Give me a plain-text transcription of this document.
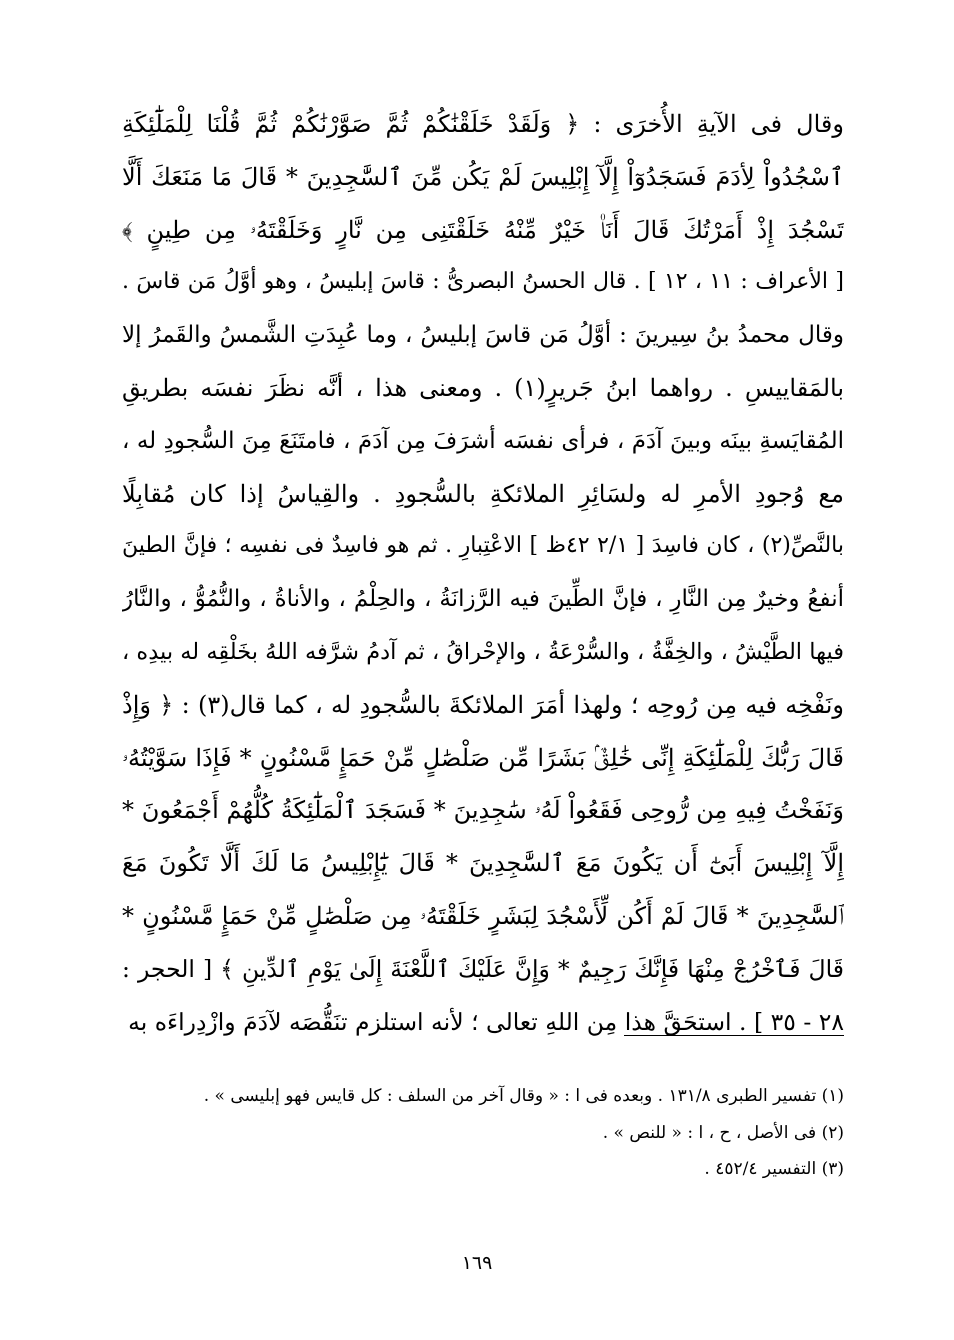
وقال فى الآيةِ الأُخرَى : ﴿ وَلَقَدْ خَلَقْنَٰكُمْ ثُمَّ صَوَّرْنَٰكُمْ ثُمَّ قُلْنَا لِلْمَلَٰٓئِكَةِ
ٱسْجُدُواْ لِأدَمَ فَسَجَدُوٓاْ إِلَّآ إِبْلِيسَ لَمْ يَكُن مِّنَ ٱلسَّٰجِدِينَ * قَالَ مَا مَنَعَكَ أَلَّا
تَسْجُدَ إِذْ أَمَرْتُكَ قَالَ أَنَا۠ خَيْرٌ مِّنْهُ خَلَقْتَنِى مِن نَّارٍ وَخَلَقْتَهُۥ مِن طِينٍ ﴾
[ الأعراف : ١١ ، ١٢ ] . قال الحسنُ البصرىُّ : قاسَ إبليسُ ، وهو أوَّلُ مَن قاسَ .
وقال محمدُ بنُ سِيرينَ : أوَّلُ مَن قاسَ إبليسُ ، وما عُبِدَتِ الشَّمسُ والقَمرُ إلا
بالمَقاييسِ . رواهما ابنُ جَريرٍ(١) . ومعنى هذا ، أنَّه نظَرَ نفسَه بطريقِ
المُقايَسةِ بينَه وبينَ آدَمَ ، فرأى نفسَه أشرَفَ مِن آدَمَ ، فامتَنَعَ مِنَ السُّجودِ له ،
مع وُجودِ الأمرِ له ولسَائِرِ الملائكةِ بالسُّجودِ . والقِياسُ إذا كان مُقابِلًا
بالنَّصِّ(٢) ، كان فاسِدَ [ ٢/١ ٤٢ظ ] الاعْتِبارِ . ثم هو فاسِدٌ فى نفسِه ؛ فإنَّ الطينَ
أنفعُ وخيرٌ مِن النَّارِ ، فإنَّ الطِّينَ فيه الرَّزانَةُ ، والحِلْمُ ، والأناةُ ، والنُّمُوُّ ، والنَّارُ
فيها الطَّيْشُ ، والخِفَّةُ ، والسُّرْعَةُ ، والإحْراقُ ، ثم آدمُ شرَّفه اللهُ بخَلْقِه له بيدِه ،
ونَفْخِه فيه مِن رُوحِه ؛ ولهذا أمَرَ الملائكةَ بالسُّجودِ له ، كما قال(٣) : ﴿ وَإِذْ
قَالَ رَبُّكَ لِلْمَلَٰٓئِكَةِ إِنِّى خَٰلِقٌۢ بَشَرًا مِّن صَلْصَٰلٍ مِّنْ حَمَإٍ مَّسْنُونٍ * فَإِذَا سَوَّيْتُهُۥ
وَنَفَخْتُ فِيهِ مِن رُّوحِى فَقَعُواْ لَهُۥ سَٰجِدِينَ * فَسَجَدَ ٱلْمَلَٰٓئِكَةُ كُلُّهُمْ أَجْمَعُونَ *
إِلَّآ إِبْلِيسَ أَبَىٰٓ أَن يَكُونَ مَعَ ٱلسَّٰجِدِينَ * قَالَ يَٰٓإِبْلِيسُ مَا لَكَ أَلَّا تَكُونَ مَعَ
ٱلسَّٰجِدِينَ * قَالَ لَمْ أَكُن لِّأَسْجُدَ لِبَشَرٍ خَلَقْتَهُۥ مِن صَلْصَٰلٍ مِّنْ حَمَإٍ مَّسْنُونٍ *
قَالَ فَٱخْرُجْ مِنْهَا فَإِنَّكَ رَجِيمٌ * وَإِنَّ عَلَيْكَ ٱللَّعْنَةَ إِلَىٰ يَوْمِ ٱلدِّينِ ﴾ [ الحجر :
٢٨ - ٣٥ ] . استحَقَّ هذا مِن اللهِ تعالى ؛ لأنه استلزم تنَقُّصَه لآدَمَ وازْدِراءَه به
(١) تفسير الطبرى ١٣١/٨ . وبعده فى ا : « وقال آخر من السلف : كل قايس فهو إبليسى » .
(٢) فى الأصل ، ح ، ا : « للنص » .
(٣) التفسير ٤٥٢/٤ .
١٦٩
